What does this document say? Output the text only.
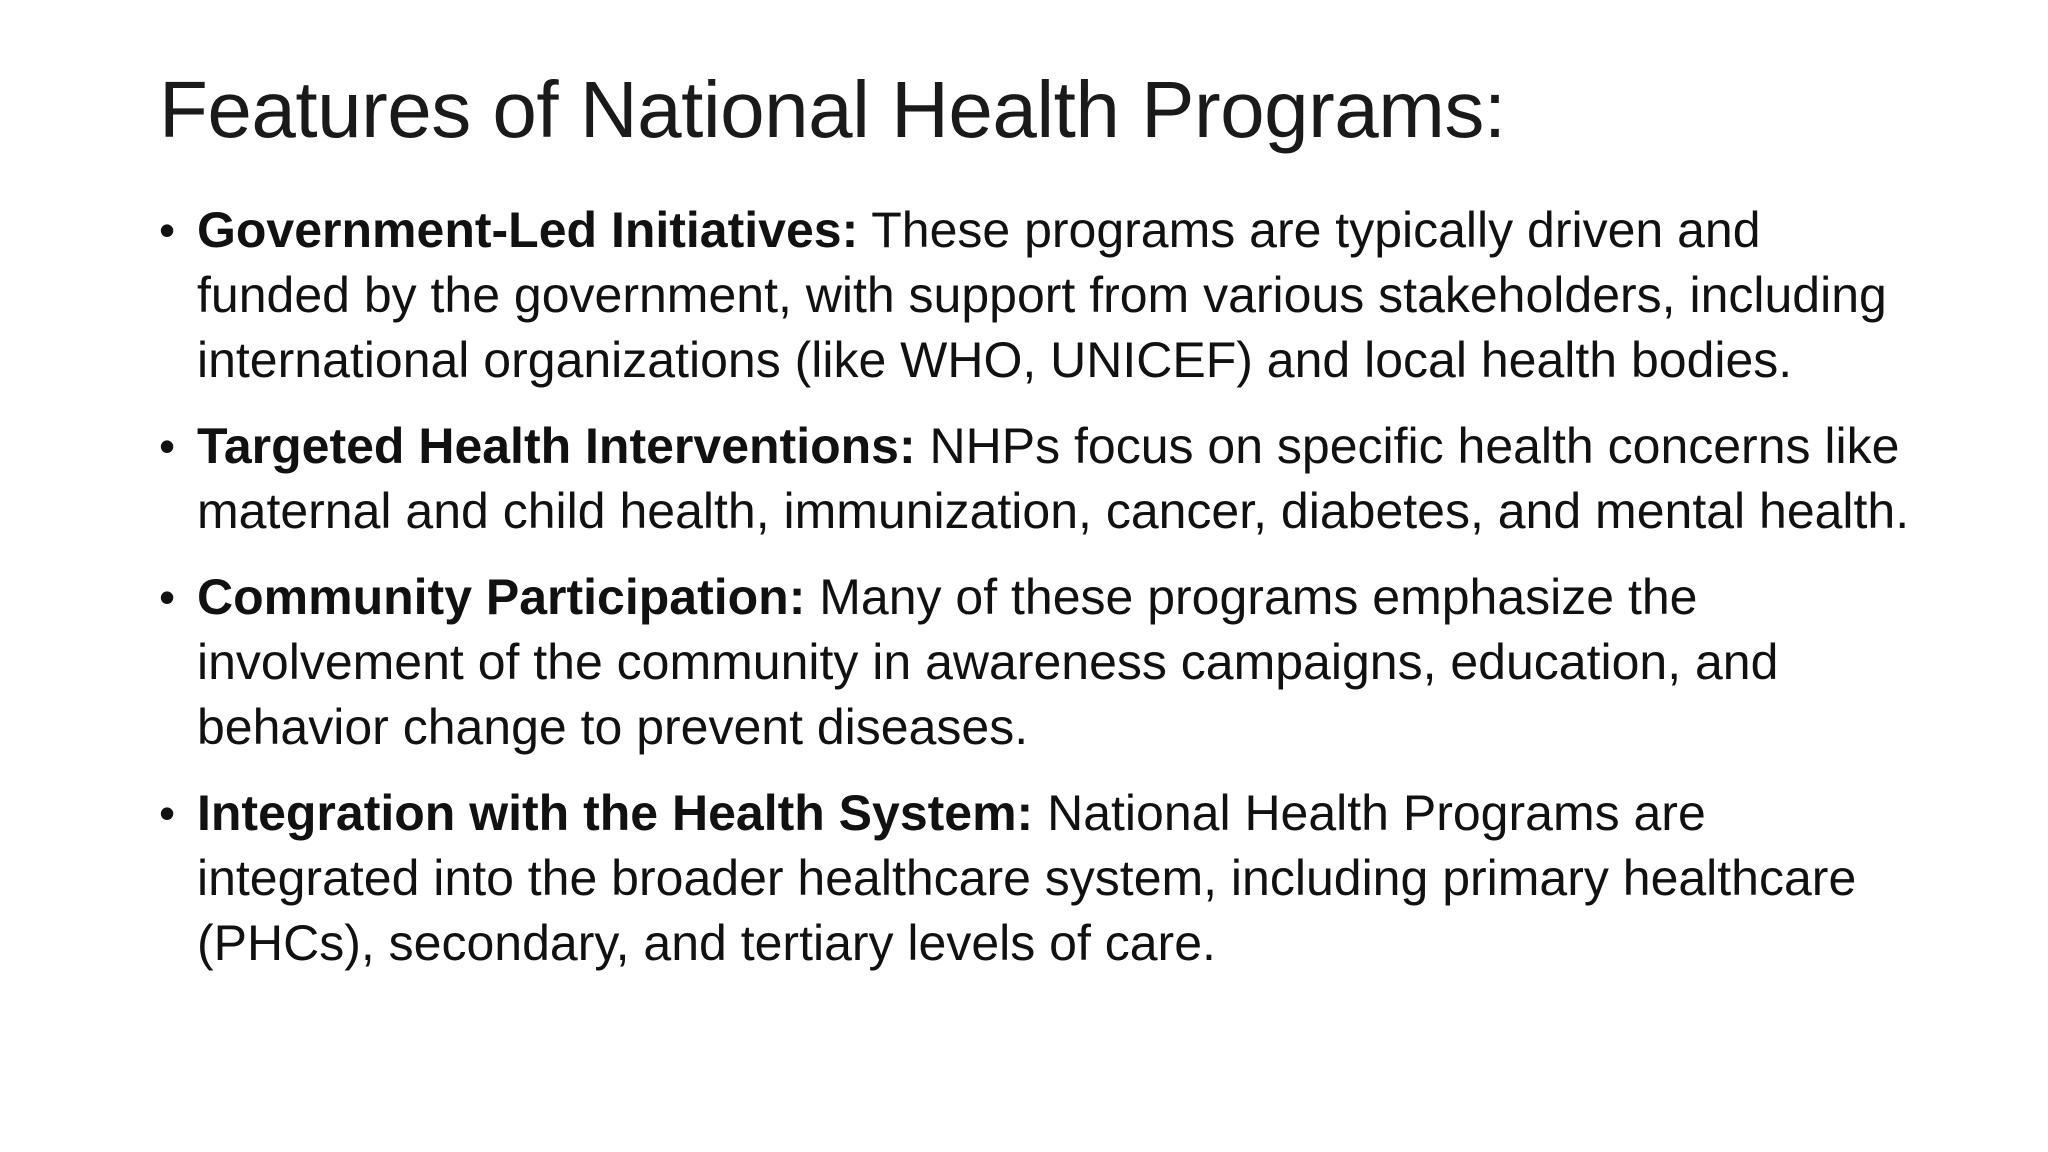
Features of National Health Programs:
• Government-Led Initiatives: These programs are typically driven and funded by the government, with support from various stakeholders, including international organizations (like WHO, UNICEF) and local health bodies.
• Targeted Health Interventions: NHPs focus on specific health concerns like maternal and child health, immunization, cancer, diabetes, and mental health.
• Community Participation: Many of these programs emphasize the involvement of the community in awareness campaigns, education, and behavior change to prevent diseases.
• Integration with the Health System: National Health Programs are integrated into the broader healthcare system, including primary healthcare (PHCs), secondary, and tertiary levels of care.
